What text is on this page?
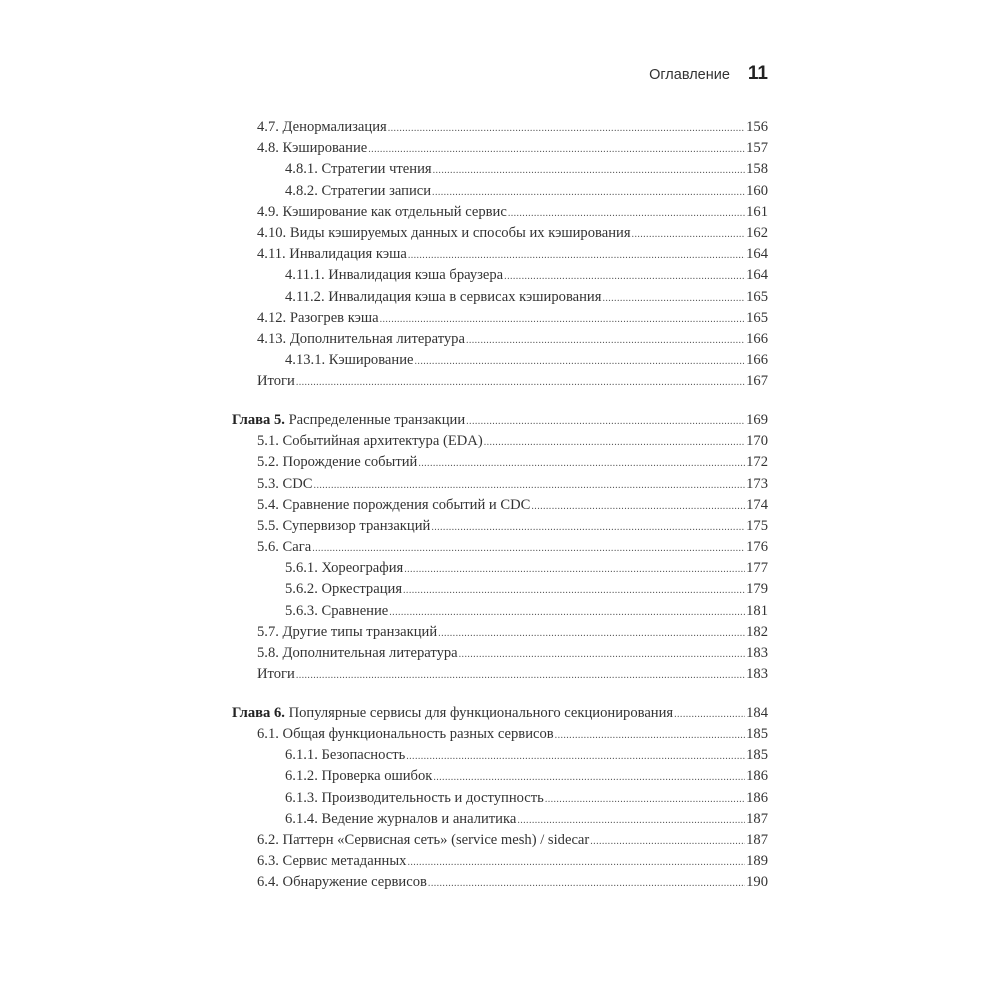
Оглавление 11
4.7. Денормализация .....	156
4.8. Кэширование .....	157
4.8.1. Стратегии чтения .....	158
4.8.2. Стратегии записи .....	160
4.9. Кэширование как отдельный сервис .....	161
4.10. Виды кэшируемых данных и способы их кэширования .....	162
4.11. Инвалидация кэша .....	164
4.11.1. Инвалидация кэша браузера .....	164
4.11.2. Инвалидация кэша в сервисах кэширования .....	165
4.12. Разогрев кэша .....	165
4.13. Дополнительная литература .....	166
4.13.1. Кэширование .....	166
Итоги .....	167
Глава 5. Распределенные транзакции .....	169
5.1. Событийная архитектура (EDA) .....	170
5.2. Порождение событий .....	172
5.3. CDC .....	173
5.4. Сравнение порождения событий и CDC .....	174
5.5. Супервизор транзакций .....	175
5.6. Сага .....	176
5.6.1. Хореография .....	177
5.6.2. Оркестрация .....	179
5.6.3. Сравнение .....	181
5.7. Другие типы транзакций .....	182
5.8. Дополнительная литература .....	183
Итоги .....	183
Глава 6. Популярные сервисы для функционального секционирования .....	184
6.1. Общая функциональность разных сервисов .....	185
6.1.1. Безопасность .....	185
6.1.2. Проверка ошибок .....	186
6.1.3. Производительность и доступность .....	186
6.1.4. Ведение журналов и аналитика .....	187
6.2. Паттерн «Сервисная сеть» (service mesh) / sidecar .....	187
6.3. Сервис метаданных .....	189
6.4. Обнаружение сервисов .....	190
